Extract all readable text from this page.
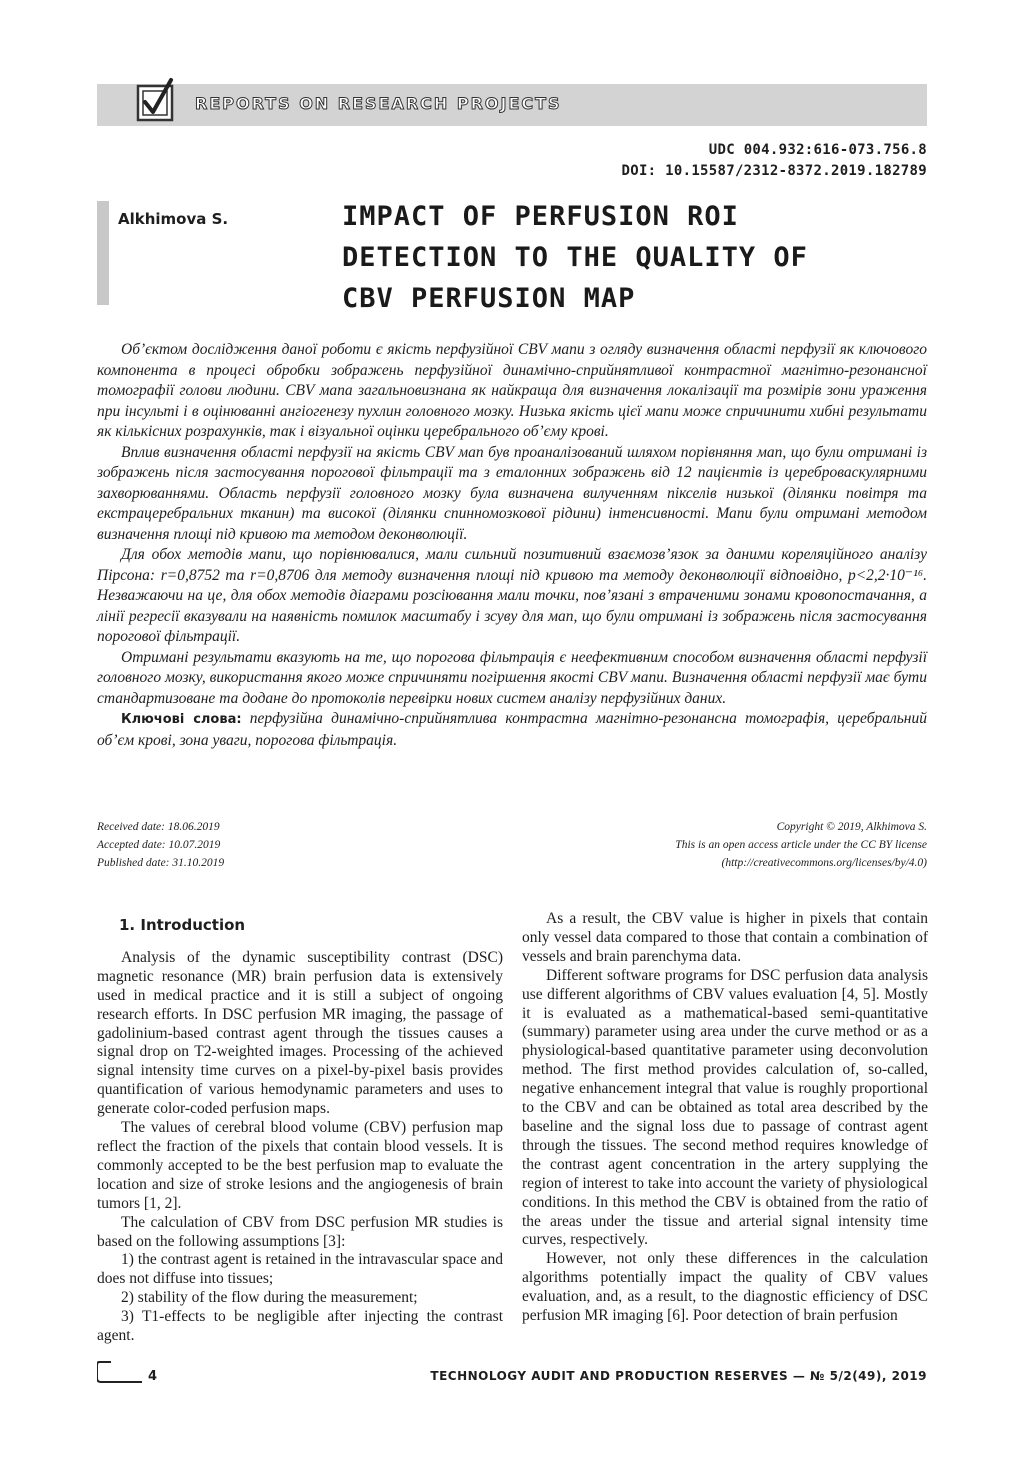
REPORTS ON RESEARCH PROJECTS
UDC 004.932:616-073.756.8
DOI: 10.15587/2312-8372.2019.182789
Alkhimova S.	IMPACT OF PERFUSION ROI
DETECTION TO THE QUALITY OF
CBV PERFUSION MAP

Об’єктом дослідження даної роботи є якість перфузійної CBV мапи з огляду визначення області перфузії як ключового компонента в процесі обробки зображень перфузійної динамічно-сприйнятливої контрастної магнітно-резонансної томографії голови людини. CBV мапа загальновизнана як найкраща для визначення локалізації та розмірів зони ураження при інсульті і в оцінюванні ангіогенезу пухлин головного мозку. Низька якість цієї мапи може спричинити хибні результати як кількісних розрахунків, так і візуальної оцінки церебрального об’єму крові.

Вплив визначення області перфузії на якість CBV мап був проаналізований шляхом порівняння мап, що були отримані із зображень після застосування порогової фільтрації та з еталонних зображень від 12 пацієнтів із цереброваскулярними захворюваннями. Область перфузії головного мозку була визначена вилученням пікселів низької (ділянки повітря та екстрацеребральних тканин) та високої (ділянки спинномозкової рідини) інтенсивності. Мапи були отримані методом визначення площі під кривою та методом деконволюції.

Для обох методів мапи, що порівнювалися, мали сильний позитивний взаємозв’язок за даними кореляційного аналізу Пірсона: r=0,8752 та r=0,8706 для методу визначення площі під кривою та методу деконволюції відповідно, p<2,2·10⁻¹⁶. Незважаючи на це, для обох методів діаграми розсіювання мали точки, пов’язані з втраченими зонами кровопостачання, а лінії регресії вказували на наявність помилок масштабу і зсуву для мап, що були отримані із зображень після застосування порогової фільтрації.

Отримані результати вказують на те, що порогова фільтрація є неефективним способом визначення області перфузії головного мозку, використання якого може спричиняти погіршення якості CBV мапи. Визначення області перфузії має бути стандартизоване та додане до протоколів перевірки нових систем аналізу перфузійних даних.

Ключові слова: перфузійна динамічно-сприйнятлива контрастна магнітно-резонансна томографія, церебральний об’єм крові, зона уваги, порогова фільтрація.

Received date: 18.06.2019
Accepted date: 10.07.2019
Published date: 31.10.2019
Copyright © 2019, Alkhimova S.
This is an open access article under the CC BY license
(http://creativecommons.org/licenses/by/4.0)
1. Introduction

Analysis of the dynamic susceptibility contrast (DSC) magnetic resonance (MR) brain perfusion data is extensively used in medical practice and it is still a subject of ongoing research efforts. In DSC perfusion MR imaging, the passage of gadolinium-based contrast agent through the tissues causes a signal drop on T2-weighted images. Processing of the achieved signal intensity time curves on a pixel-by-pixel basis provides quantification of various hemodynamic parameters and uses to generate color-coded perfusion maps.

The values of cerebral blood volume (CBV) perfusion map reflect the fraction of the pixels that contain blood vessels. It is commonly accepted to be the best perfusion map to evaluate the location and size of stroke lesions and the angiogenesis of brain tumors [1, 2].

The calculation of CBV from DSC perfusion MR studies is based on the following assumptions [3]:

1) the contrast agent is retained in the intravascular space and does not diffuse into tissues;

2) stability of the flow during the measurement;

3) T1-effects to be negligible after injecting the contrast agent.

As a result, the CBV value is higher in pixels that contain only vessel data compared to those that contain a combination of vessels and brain parenchyma data.

Different software programs for DSC perfusion data analysis use different algorithms of CBV values evaluation [4, 5]. Mostly it is evaluated as a mathematical-based semi-quantitative (summary) parameter using area under the curve method or as a physiological-based quantitative parameter using deconvolution method. The first method provides calculation of, so-called, negative enhancement integral that value is roughly proportional to the CBV and can be obtained as total area described by the baseline and the signal loss due to passage of contrast agent through the tissues. The second method requires knowledge of the contrast agent concentration in the artery supplying the region of interest to take into account the variety of physiological conditions. In this method the CBV is obtained from the ratio of the areas under the tissue and arterial signal intensity time curves, respectively.

However, not only these differences in the calculation algorithms potentially impact the quality of CBV values evaluation, and, as a result, to the diagnostic efficiency of DSC perfusion MR imaging [6]. Poor detection of brain perfusion

4	TECHNOLOGY AUDIT AND PRODUCTION RESERVES — № 5/2(49), 2019
